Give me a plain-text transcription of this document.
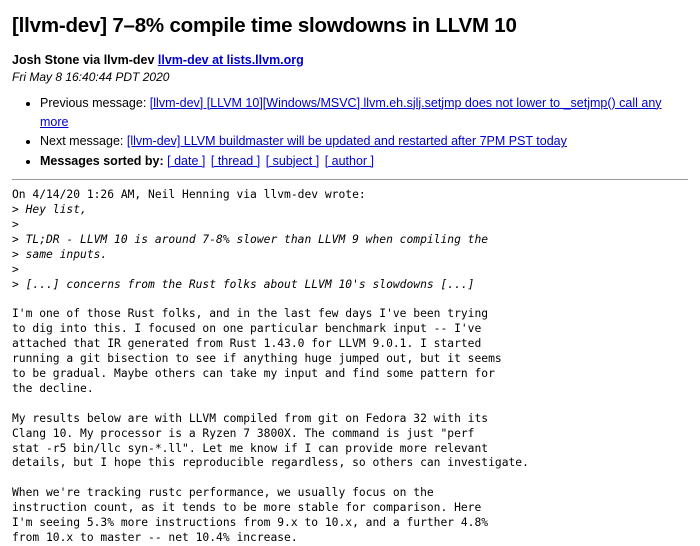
[llvm-dev] 7–8% compile time slowdowns in LLVM 10
Josh Stone via llvm-dev llvm-dev at lists.llvm.org
Fri May 8 16:40:44 PDT 2020
• Previous message: [llvm-dev] [LLVM 10][Windows/MSVC] llvm.eh.sjlj.setjmp does not lower to _setjmp() call any more
• Next message: [llvm-dev] LLVM buildmaster will be updated and restarted after 7PM PST today
• Messages sorted by: [ date ] [ thread ] [ subject ] [ author ]
On 4/14/20 1:26 AM, Neil Henning via llvm-dev wrote:
> Hey list,
>
> TL;DR - LLVM 10 is around 7-8% slower than LLVM 9 when compiling the
> same inputs.
>
> [...] concerns from the Rust folks about LLVM 10's slowdowns [...]

I'm one of those Rust folks, and in the last few days I've been trying
to dig into this. I focused on one particular benchmark input -- I've
attached that IR generated from Rust 1.43.0 for LLVM 9.0.1. I started
running a git bisection to see if anything huge jumped out, but it seems
to be gradual. Maybe others can take my input and find some pattern for
the decline.

My results below are with LLVM compiled from git on Fedora 32 with its
Clang 10. My processor is a Ryzen 7 3800X. The command is just "perf
stat -r5 bin/llc syn-*.ll". Let me know if I can provide more relevant
details, but I hope this reproducible regardless, so others can investigate.

When we're tracking rustc performance, we usually focus on the
instruction count, as it tends to be more stable for comparison. Here
I'm seeing 5.3% more instructions from 9.x to 10.x, and a further 4.8%
from 10.x to master -- net 10.4% increase.
